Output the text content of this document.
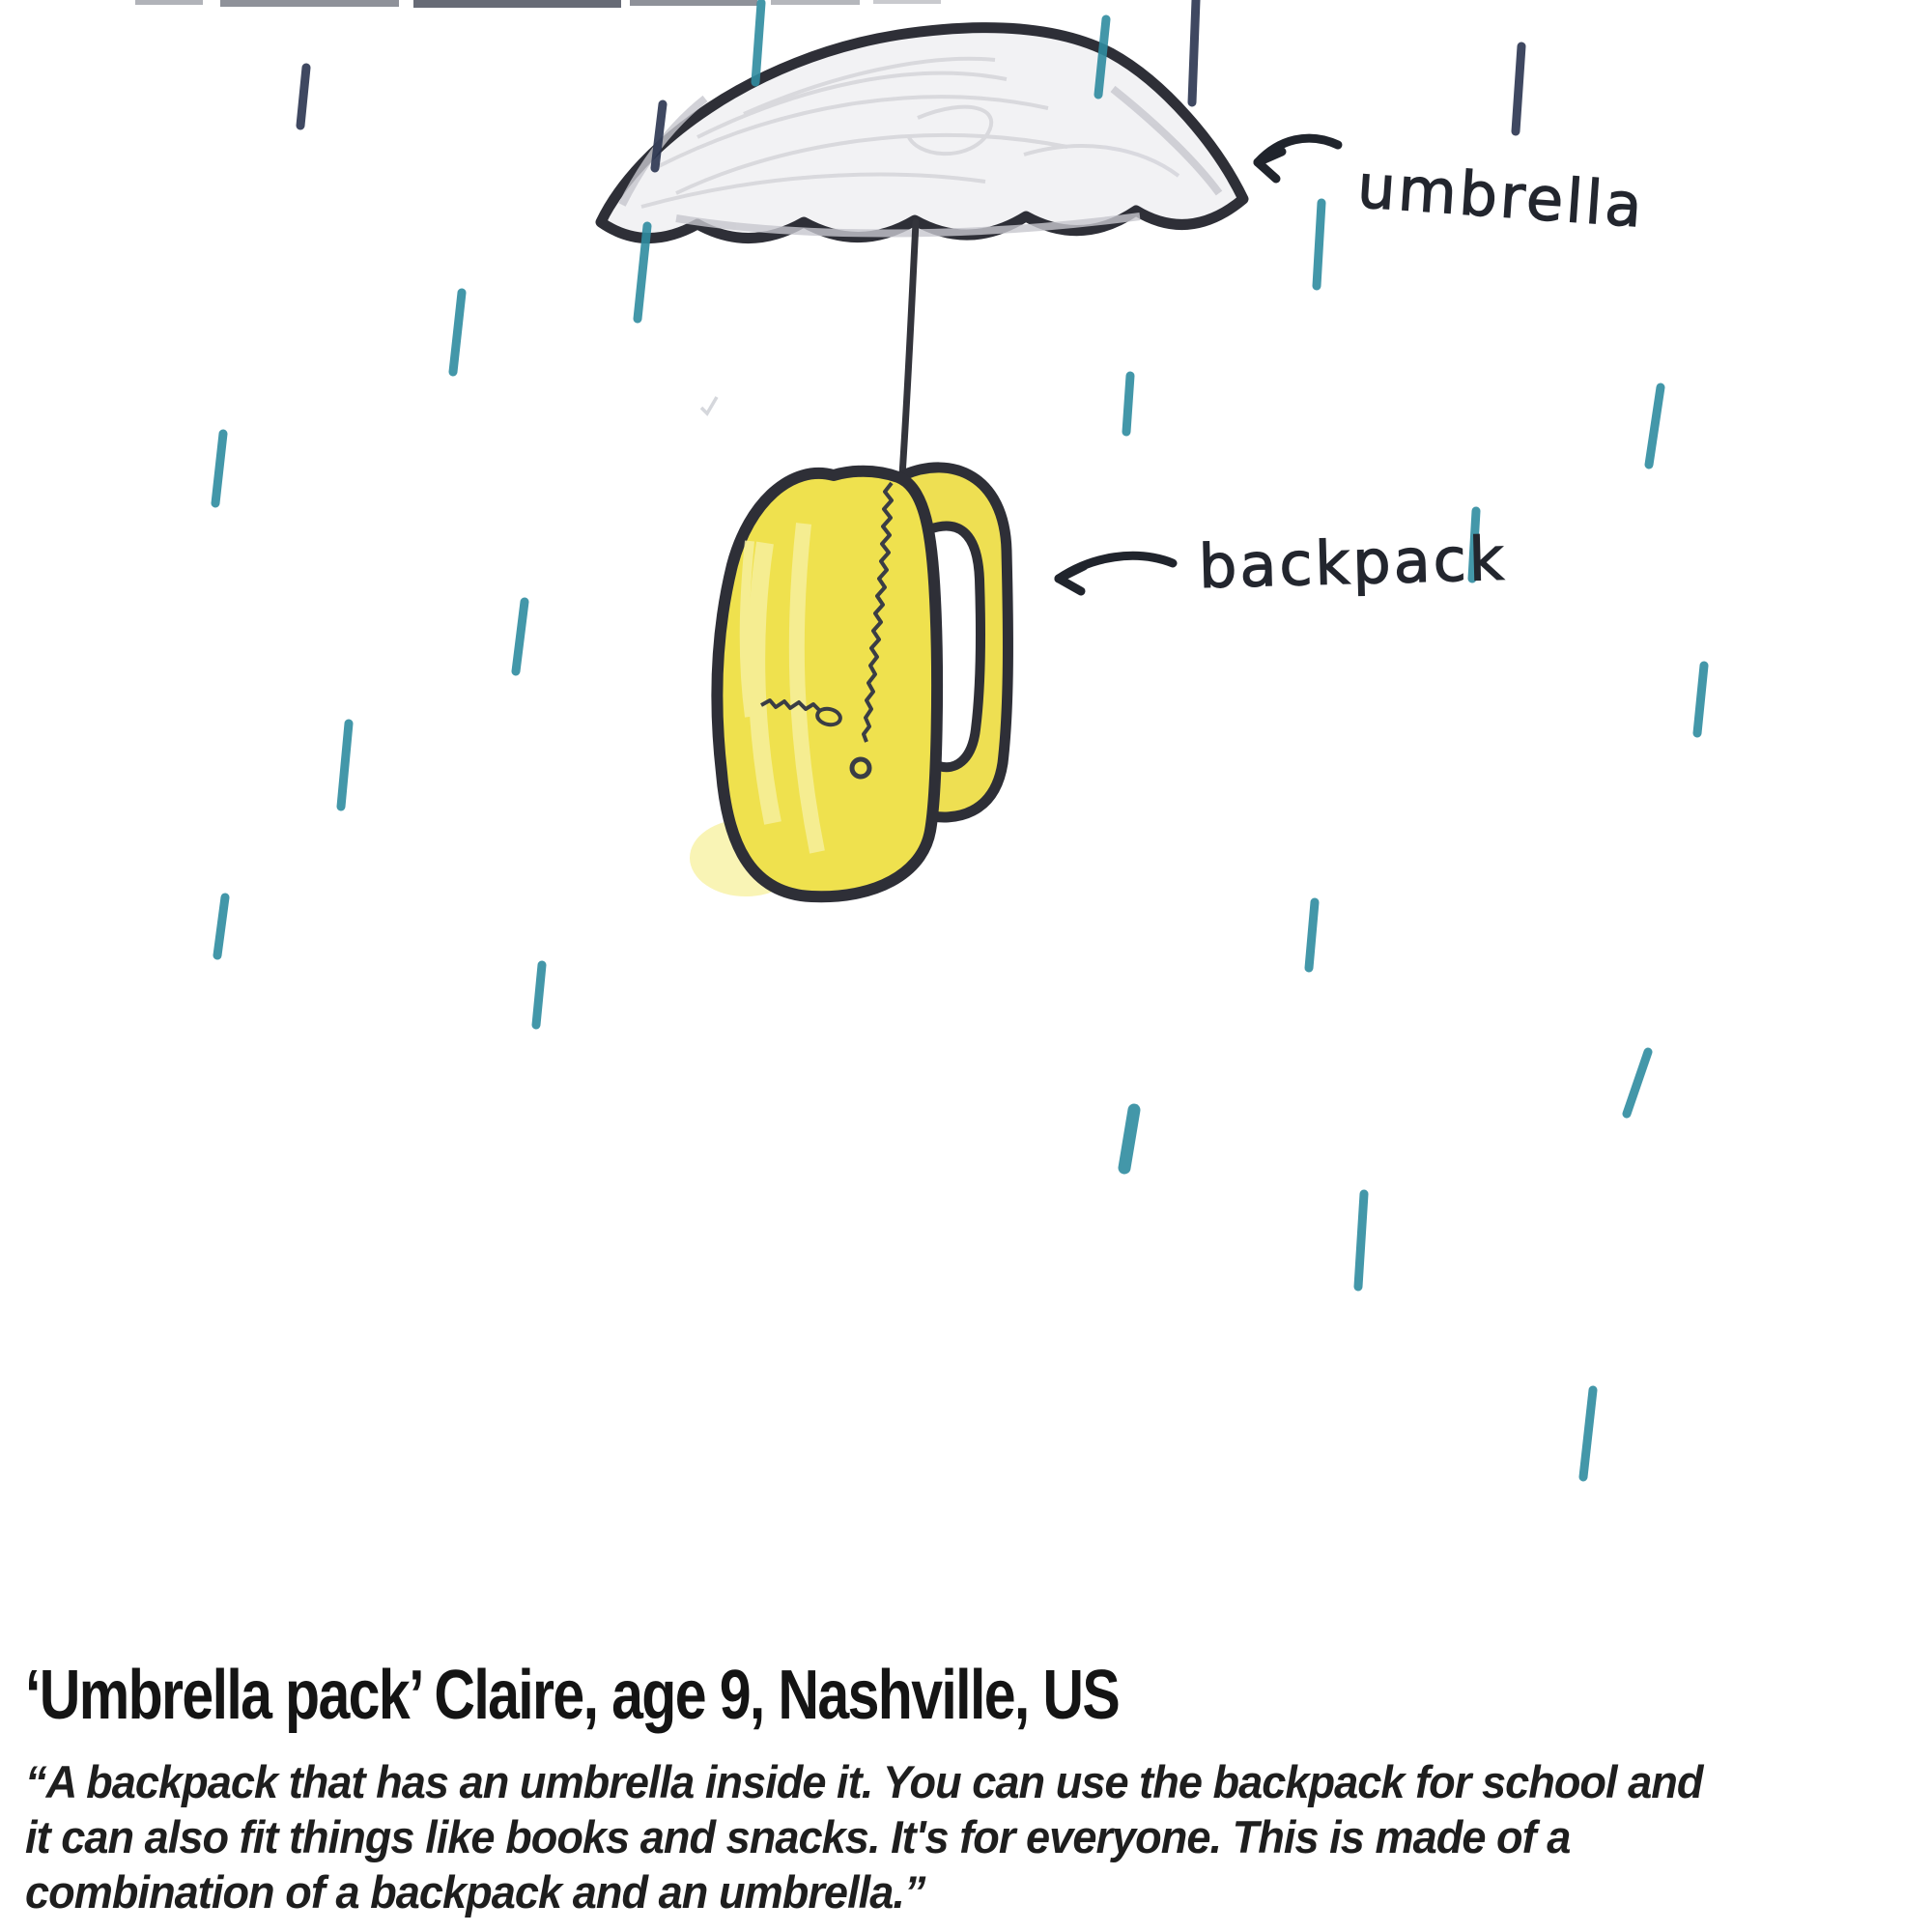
umbrella
backpack
‘Umbrella pack’ Claire, age 9, Nashville, US
“A backpack that has an umbrella inside it. You can use the backpack for school and
it can also fit things like books and snacks. It's for everyone. This is made of a
combination of a backpack and an umbrella.”
